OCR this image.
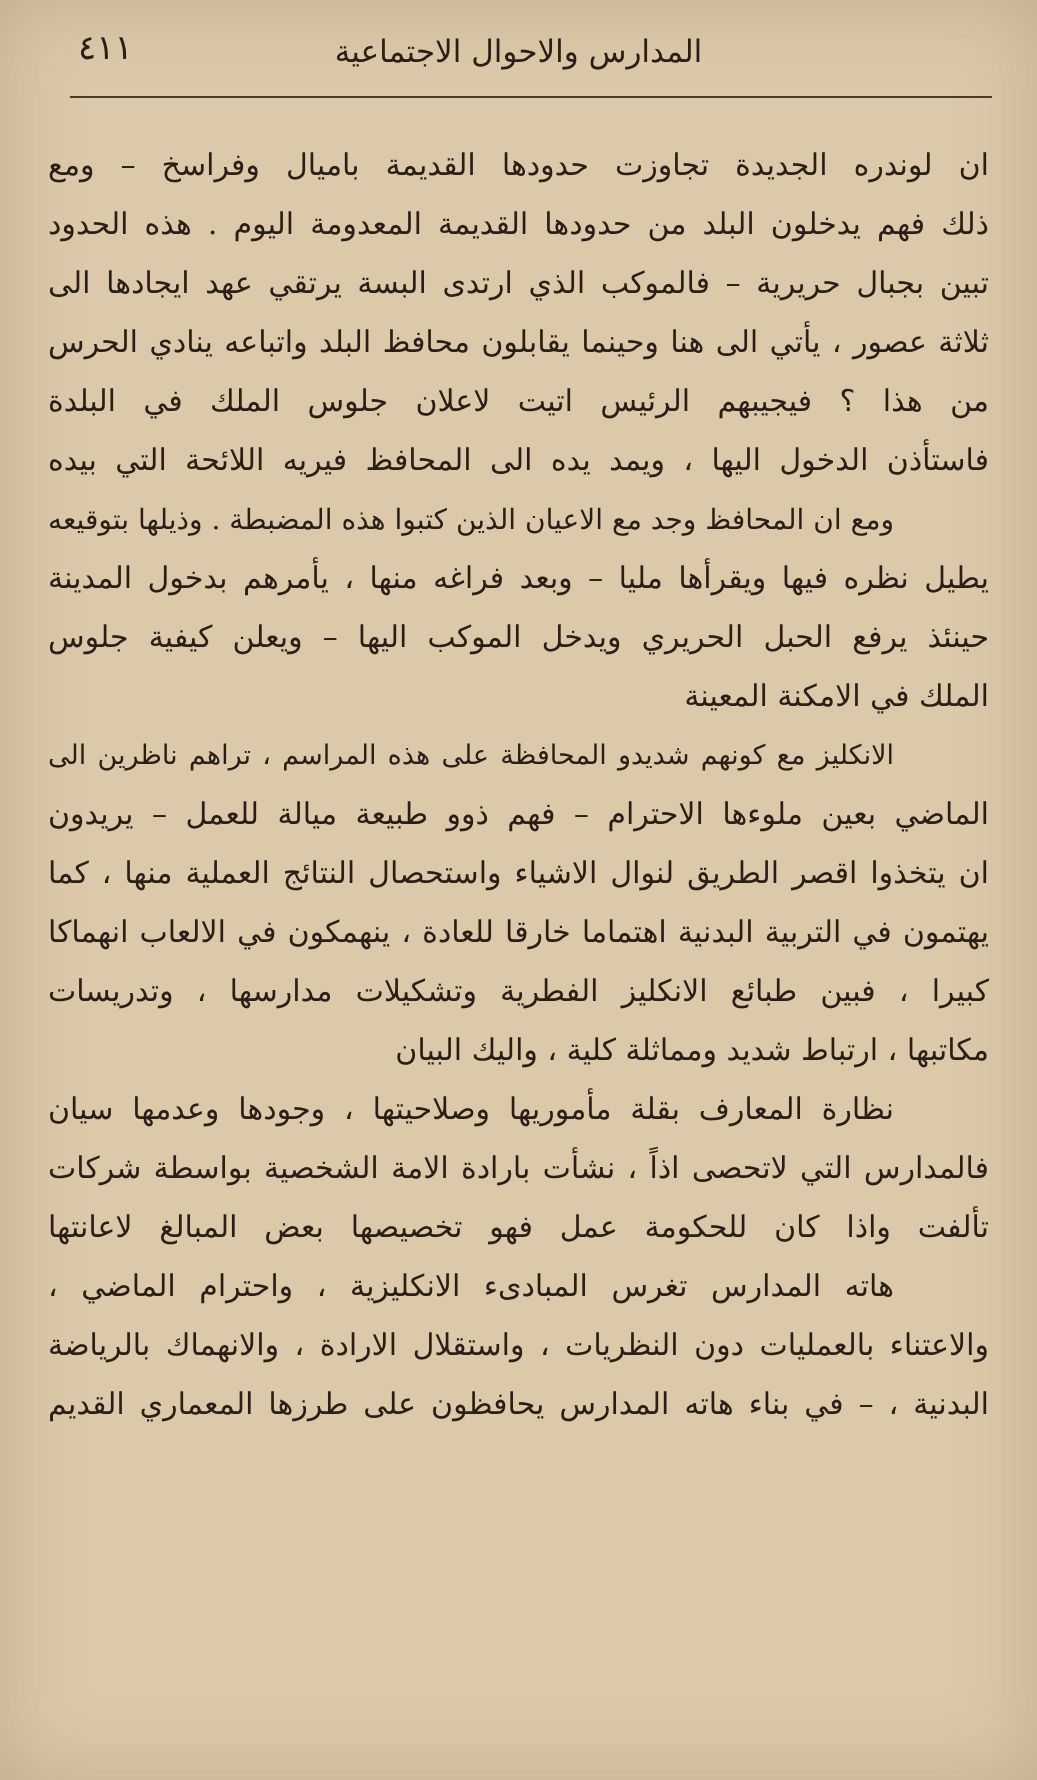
المدارس والاحوال الاجتماعية
٤١١
ان لوندره الجديدة تجاوزت حدودها القديمة باميال وفراسخ – ومع
ذلك فهم يدخلون البلد من حدودها القديمة المعدومة اليوم . هذه الحدود
تبين بجبال حريرية – فالموكب الذي ارتدى البسة يرتقي عهد ايجادها الى
ثلاثة عصور ، يأتي الى هنا وحينما يقابلون محافظ البلد واتباعه ينادي الحرس
من هذا ؟ فيجيبهم الرئيس اتيت لاعلان جلوس الملك في البلدة
فاستأذن الدخول اليها ، ويمد يده الى المحافظ فيريه اللائحة التي بيده
ومع ان المحافظ وجد مع الاعيان الذين كتبوا هذه المضبطة . وذيلها بتوقيعه
يطيل نظره فيها ويقرأها مليا – وبعد فراغه منها ، يأمرهم بدخول المدينة
حينئذ يرفع الحبل الحريري ويدخل الموكب اليها – ويعلن كيفية جلوس
الملك في الامكنة المعينة
الانكليز مع كونهم شديدو المحافظة على هذه المراسم ، تراهم ناظرين الى
الماضي بعين ملوءها الاحترام – فهم ذوو طبيعة ميالة للعمل – يريدون
ان يتخذوا اقصر الطريق لنوال الاشياء واستحصال النتائج العملية منها ، كما
يهتمون في التربية البدنية اهتماما خارقا للعادة ، ينهمكون في الالعاب انهماكا
كبيرا ، فبين طبائع الانكليز الفطرية وتشكيلات مدارسها ، وتدريسات
مكاتبها ، ارتباط شديد ومماثلة كلية ، واليك البيان
نظارة المعارف بقلة مأموريها وصلاحيتها ، وجودها وعدمها سيان
فالمدارس التي لاتحصى اذاً ، نشأت بارادة الامة الشخصية بواسطة شركات
تألفت واذا كان للحكومة عمل فهو تخصيصها بعض المبالغ لاعانتها
هاته المدارس تغرس المبادىء الانكليزية ، واحترام الماضي ،
والاعتناء بالعمليات دون النظريات ، واستقلال الارادة ، والانهماك بالرياضة
البدنية ، – في بناء هاته المدارس يحافظون على طرزها المعماري القديم
